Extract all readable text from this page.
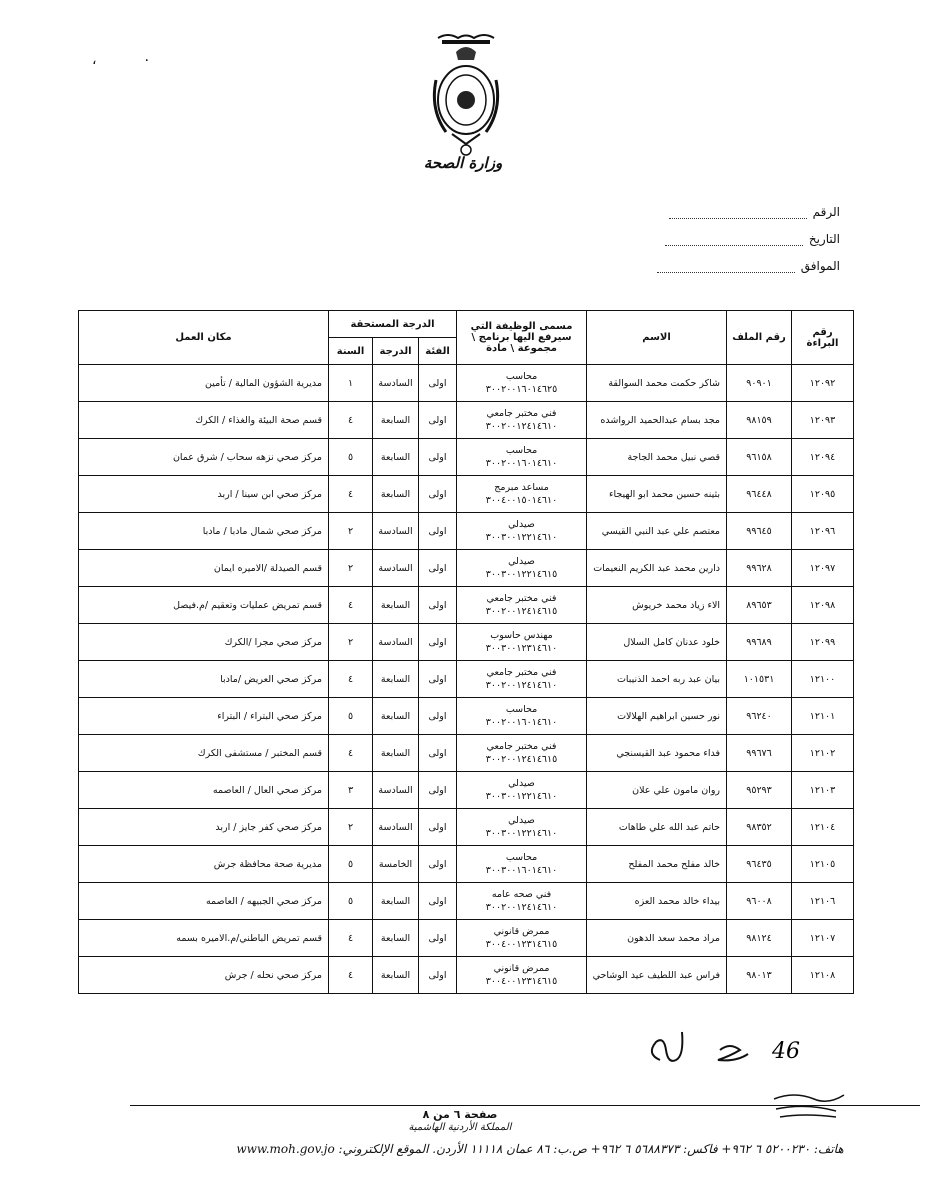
،	٠
وزارة الصحة
الرقم
التاريخ
الموافق
رقم البراءة	رقم الملف	الاسم	مسمى الوظيفة التي سيرفع اليها برنامج \ مجموعة \ مادة	الدرجة المستحقة			مكان العمل
				الفئة	الدرجة	السنة	
١٢٠٩٢	٩٠٩٠١	شاكر حكمت محمد السوالقة	محاسب
٣٠٠٢٠٠١٦٠١٤٦٢٥	اولى	السادسة	١	مديرية الشؤون المالية / تأمين
١٢٠٩٣	٩٨١٥٩	مجد بسام عبدالحميد الرواشده	فني مختبر جامعي
٣٠٠٢٠٠١٢٤١٤٦١٠	اولى	السابعة	٤	قسم صحة البيئة والغذاء / الكرك
١٢٠٩٤	٩٦١٥٨	قصي نبيل محمد الجاجة	محاسب
٣٠٠٢٠٠١٦٠١٤٦١٠	اولى	السابعة	٥	مركز صحي نزهه سحاب / شرق عمان
١٢٠٩٥	٩٦٤٤٨	بثينه حسين محمد ابو الهيجاء	مساعد مبرمج
٣٠٠٤٠٠١٥٠١٤٦١٠	اولى	السابعة	٤	مركز صحي ابن سينا / اربد
١٢٠٩٦	٩٩٦٤٥	معتصم علي عبد النبي القيسي	صيدلي
٣٠٠٣٠٠١٢٢١٤٦١٠	اولى	السادسة	٢	مركز صحي شمال مادبا / مادبا
١٢٠٩٧	٩٩٦٢٨	دارين محمد عبد الكريم النعيمات	صيدلي
٣٠٠٣٠٠١٢٢١٤٦١٥	اولى	السادسة	٢	قسم الصيدلة /الاميره ايمان
١٢٠٩٨	٨٩٦٥٣	الاء زياد محمد خريوش	فني مختبر جامعي
٣٠٠٢٠٠١٢٤١٤٦١٥	اولى	السابعة	٤	قسم تمريض عمليات وتعقيم /م.فيصل
١٢٠٩٩	٩٩٦٨٩	خلود عدنان كامل السلال	مهندس حاسوب
٣٠٠٣٠٠١٢٣١٤٦١٠	اولى	السادسة	٢	مركز صحي مجرا /الكرك
١٢١٠٠	١٠١٥٣١	بيان عبد ربه احمد الذنيبات	فني مختبر جامعي
٣٠٠٢٠٠١٢٤١٤٦١٠	اولى	السابعة	٤	مركز صحي العريض /مادبا
١٢١٠١	٩٦٢٤٠	نور حسين ابراهيم الهلالات	محاسب
٣٠٠٢٠٠١٦٠١٤٦١٠	اولى	السابعة	٥	مركز صحي البتراء / البتراء
١٢١٠٢	٩٩٦٧٦	فداء محمود عبد القيسنجي	فني مختبر جامعي
٣٠٠٢٠٠١٢٤١٤٦١٥	اولى	السابعة	٤	قسم المختبر / مستشفى الكرك
١٢١٠٣	٩٥٢٩٣	روان مامون علي علان	صيدلي
٣٠٠٣٠٠١٢٢١٤٦١٠	اولى	السادسة	٣	مركز صحي العال / العاصمه
١٢١٠٤	٩٨٣٥٢	حاتم عبد الله علي طاهات	صيدلي
٣٠٠٣٠٠١٢٢١٤٦١٠	اولى	السادسة	٢	مركز صحي كفر جايز / اربد
١٢١٠٥	٩٦٤٣٥	خالد مفلح محمد المفلح	محاسب
٣٠٠٣٠٠١٦٠١٤٦١٠	اولى	الخامسة	٥	مديرية صحة محافظة جرش
١٢١٠٦	٩٦٠٠٨	بيداء خالد محمد العزه	فني صحه عامه
٣٠٠٢٠٠١٢٤١٤٦١٠	اولى	السابعة	٥	مركز صحي الجبيهه / العاصمه
١٢١٠٧	٩٨١٢٤	مراد محمد سعد الدهون	ممرض قانوني
٣٠٠٤٠٠١٢٣١٤٦١٥	اولى	السابعة	٤	قسم تمريض الباطني/م.الاميره بسمه
١٢١٠٨	٩٨٠١٣	فراس عبد اللطيف عيد الوشاحي	ممرض قانوني
٣٠٠٤٠٠١٢٣١٤٦١٥	اولى	السابعة	٤	مركز صحي نحله / جرش
46
صفحة ٦ من ٨
المملكة الأردنية الهاشمية
هاتف: ٥٢٠٠٢٣٠ ٦ ٩٦٢+ فاكس: ٥٦٨٨٣٧٣ ٦ ٩٦٢+ ص.ب: ٨٦ عمان ١١١١٨ الأردن. الموقع الإلكتروني: www.moh.gov.jo
